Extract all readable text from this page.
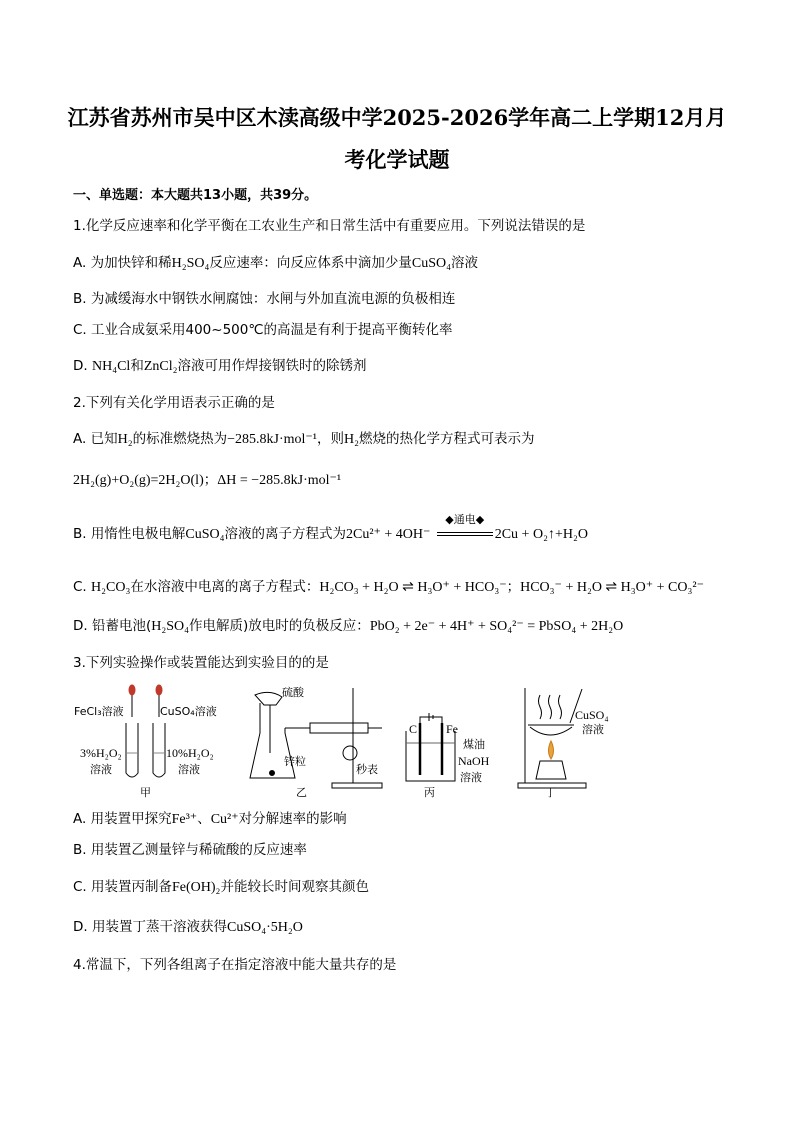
江苏省苏州市吴中区木渎高级中学2025-2026学年高二上学期12月月
考化学试题
一、单选题：本大题共13小题，共39分。
1.化学反应速率和化学平衡在工农业生产和日常生活中有重要应用。下列说法错误的是
A. 为加快锌和稀H₂SO₄反应速率：向反应体系中滴加少量CuSO₄溶液
B. 为减缓海水中钢铁水闸腐蚀：水闸与外加直流电源的负极相连
C. 工业合成氨采用400~500℃的高温是有利于提高平衡转化率
D. NH₄Cl和ZnCl₂溶液可用作焊接钢铁时的除锈剂
2.下列有关化学用语表示正确的是
A. 已知H₂的标准燃烧热为−285.8kJ·mol⁻¹，则H₂燃烧的热化学方程式可表示为
2H₂(g)+O₂(g)=2H₂O(l)；ΔH = −285.8kJ·mol⁻¹
B. 用惰性电极电解CuSO₄溶液的离子方程式为2Cu²⁺ + 4OH⁻
◆通电◆
2Cu + O₂↑+H₂O
C. H₂CO₃在水溶液中电离的离子方程式：H₂CO₃ + H₂O ⇌ H₃O⁺ + HCO₃⁻；HCO₃⁻ + H₂O ⇌ H₃O⁺ + CO₃²⁻
D. 铅蓄电池(H₂SO₄作电解质)放电时的负极反应：PbO₂ + 2e⁻ + 4H⁺ + SO₄²⁻ = PbSO₄ + 2H₂O
3.下列实验操作或装置能达到实验目的的是
FeCl₃溶液	CuSO₄溶液
3%H₂O₂
溶液
10%H₂O₂
溶液
甲
硫酸
锌粒
秒表
乙
C Fe
煤油
NaOH
溶液
丙
CuSO₄
溶液
丁
A. 用装置甲探究Fe³⁺、Cu²⁺对分解速率的影响
B. 用装置乙测量锌与稀硫酸的反应速率
C. 用装置丙制备Fe(OH)₂并能较长时间观察其颜色
D. 用装置丁蒸干溶液获得CuSO₄·5H₂O
4.常温下，下列各组离子在指定溶液中能大量共存的是
